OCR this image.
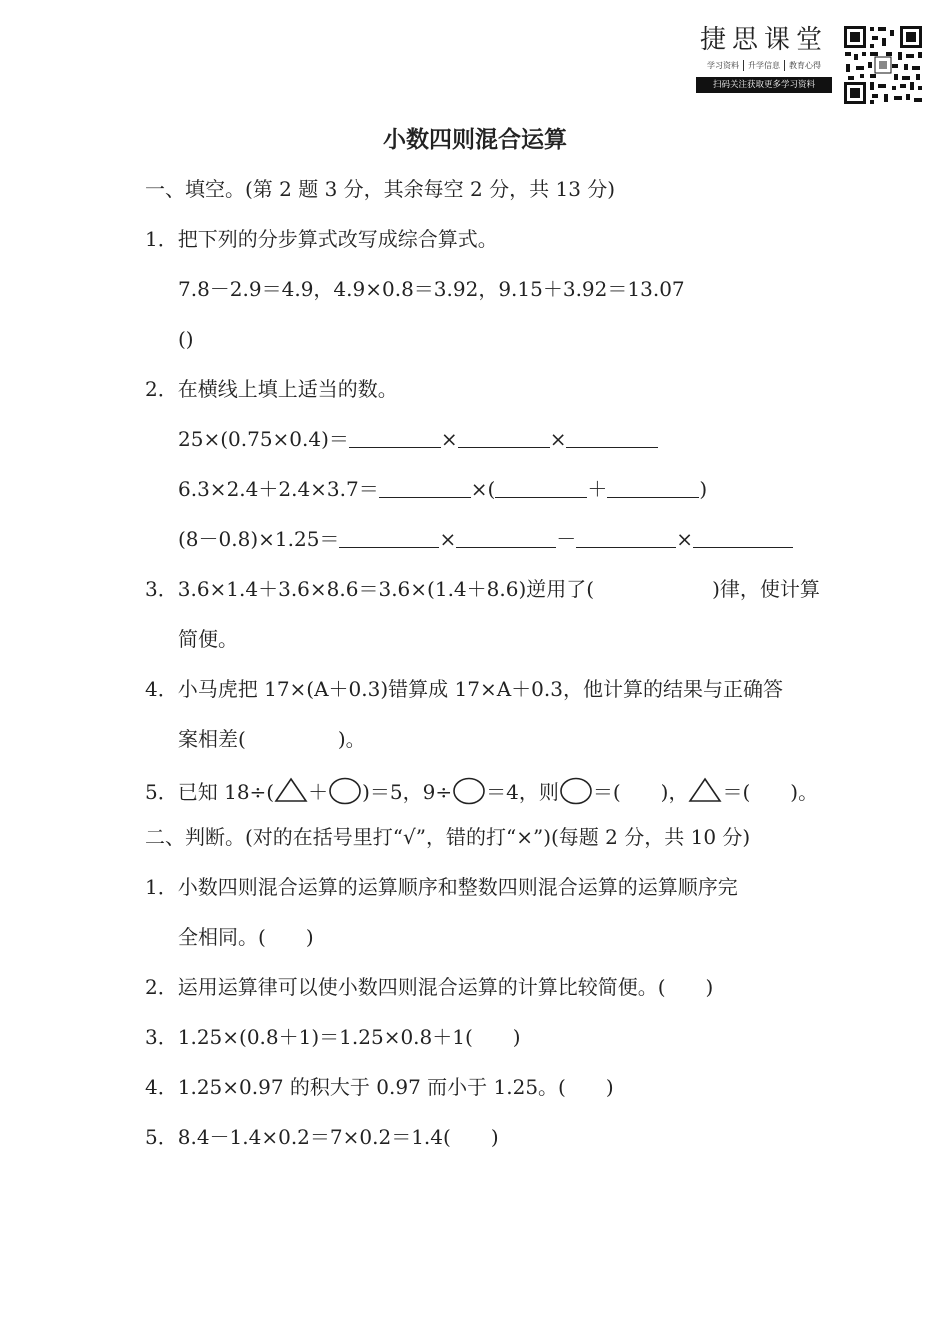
捷思课堂
学习资料	升学信息	教育心得
扫码关注获取更多学习资料
小数四则混合运算
一、填空。(第 2 题 3 分，其余每空 2 分，共 13 分)
1．把下列的分步算式改写成综合算式。
7.8－2.9＝4.9，4.9×0.8＝3.92，9.15＋3.92＝13.07
()
2．在横线上填上适当的数。
25×(0.75×0.4)＝	×	×
6.3×2.4＋2.4×3.7＝	×(	＋	)
(8－0.8)×1.25＝	×	－	×
3．3.6×1.4＋3.6×8.6＝3.6×(1.4＋8.6)逆用了(	)律，使计算
简便。
4．小马虎把 17×(A＋0.3)错算成 17×A＋0.3，他计算的结果与正确答
案相差(	)。
5．已知 18÷( ＋ )＝5，9÷ ＝4，则 ＝( )， ＝( )。
二、判断。(对的在括号里打“√”，错的打“×”)(每题 2 分，共 10 分)
1．小数四则混合运算的运算顺序和整数四则混合运算的运算顺序完
全相同。( )
2．运用运算律可以使小数四则混合运算的计算比较简便。( )
3．1.25×(0.8＋1)＝1.25×0.8＋1( )
4．1.25×0.97 的积大于 0.97 而小于 1.25。( )
5．8.4－1.4×0.2＝7×0.2＝1.4( )
